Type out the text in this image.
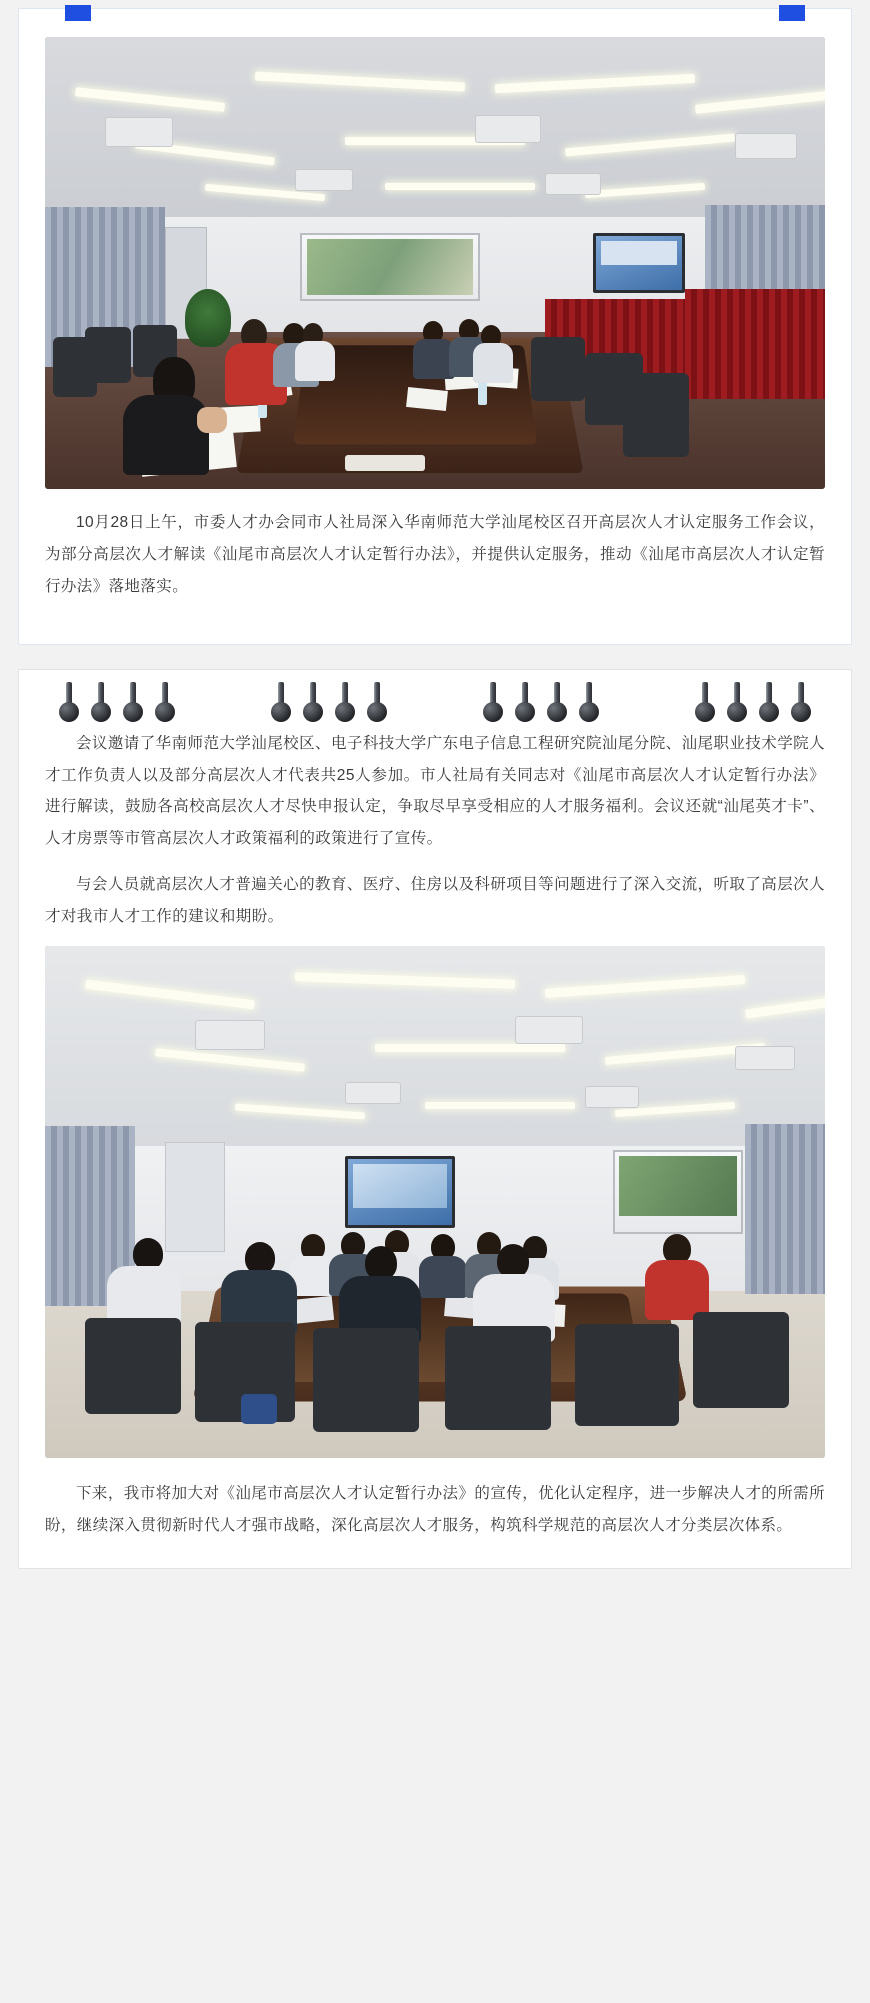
10月28日上午，市委人才办会同市人社局深入华南师范大学汕尾校区召开高层次人才认定服务工作会议，为部分高层次人才解读《汕尾市高层次人才认定暂行办法》，并提供认定服务，推动《汕尾市高层次人才认定暂行办法》落地落实。

会议邀请了华南师范大学汕尾校区、电子科技大学广东电子信息工程研究院汕尾分院、汕尾职业技术学院人才工作负责人以及部分高层次人才代表共25人参加。市人社局有关同志对《汕尾市高层次人才认定暂行办法》进行解读，鼓励各高校高层次人才尽快申报认定，争取尽早享受相应的人才服务福利。会议还就“汕尾英才卡”、人才房票等市管高层次人才政策福利的政策进行了宣传。

与会人员就高层次人才普遍关心的教育、医疗、住房以及科研项目等问题进行了深入交流，听取了高层次人才对我市人才工作的建议和期盼。

下来，我市将加大对《汕尾市高层次人才认定暂行办法》的宣传，优化认定程序，进一步解决人才的所需所盼，继续深入贯彻新时代人才强市战略，深化高层次人才服务，构筑科学规范的高层次人才分类层次体系。
